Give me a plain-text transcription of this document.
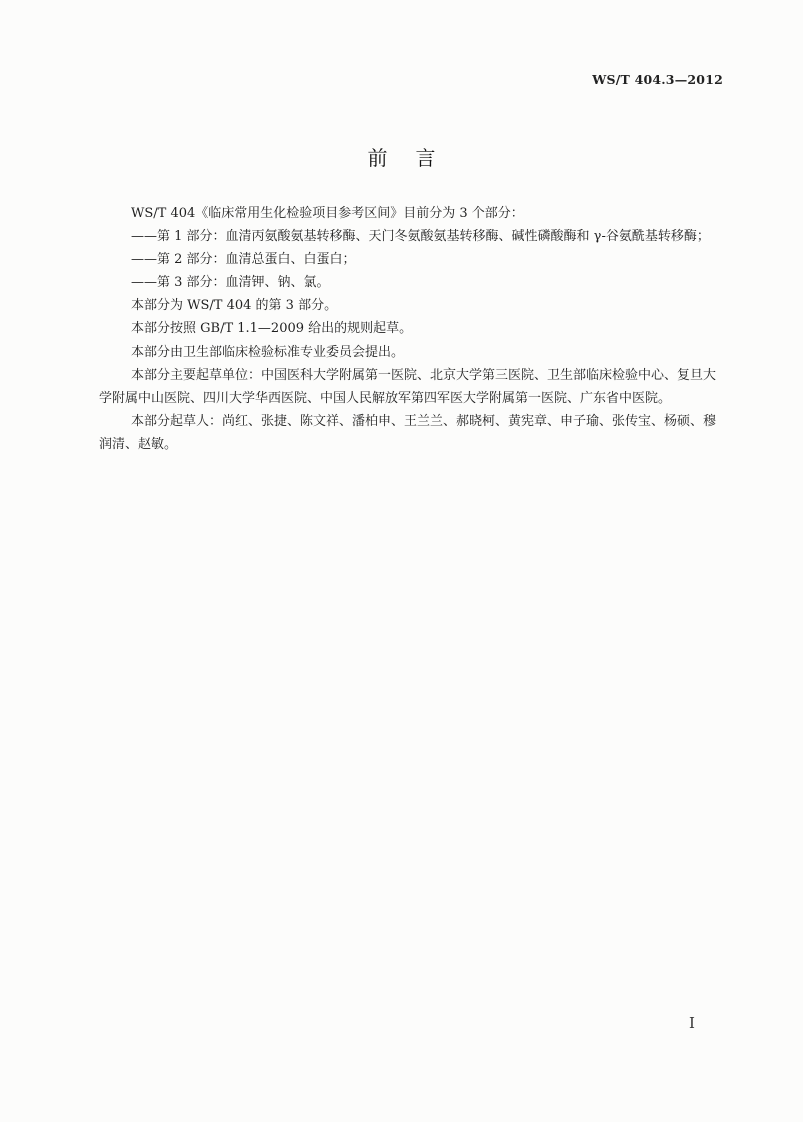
WS/T 404.3—2012
前言

WS/T 404《临床常用生化检验项目参考区间》目前分为 3 个部分：

——第 1 部分：血清丙氨酸氨基转移酶、天门冬氨酸氨基转移酶、碱性磷酸酶和 γ-谷氨酰基转移酶；

——第 2 部分：血清总蛋白、白蛋白；

——第 3 部分：血清钾、钠、氯。

本部分为 WS/T 404 的第 3 部分。

本部分按照 GB/T 1.1—2009 给出的规则起草。

本部分由卫生部临床检验标准专业委员会提出。

本部分主要起草单位：中国医科大学附属第一医院、北京大学第三医院、卫生部临床检验中心、复旦大学附属中山医院、四川大学华西医院、中国人民解放军第四军医大学附属第一医院、广东省中医院。

本部分起草人：尚红、张捷、陈文祥、潘柏申、王兰兰、郝晓柯、黄宪章、申子瑜、张传宝、杨硕、穆润清、赵敏。

I
